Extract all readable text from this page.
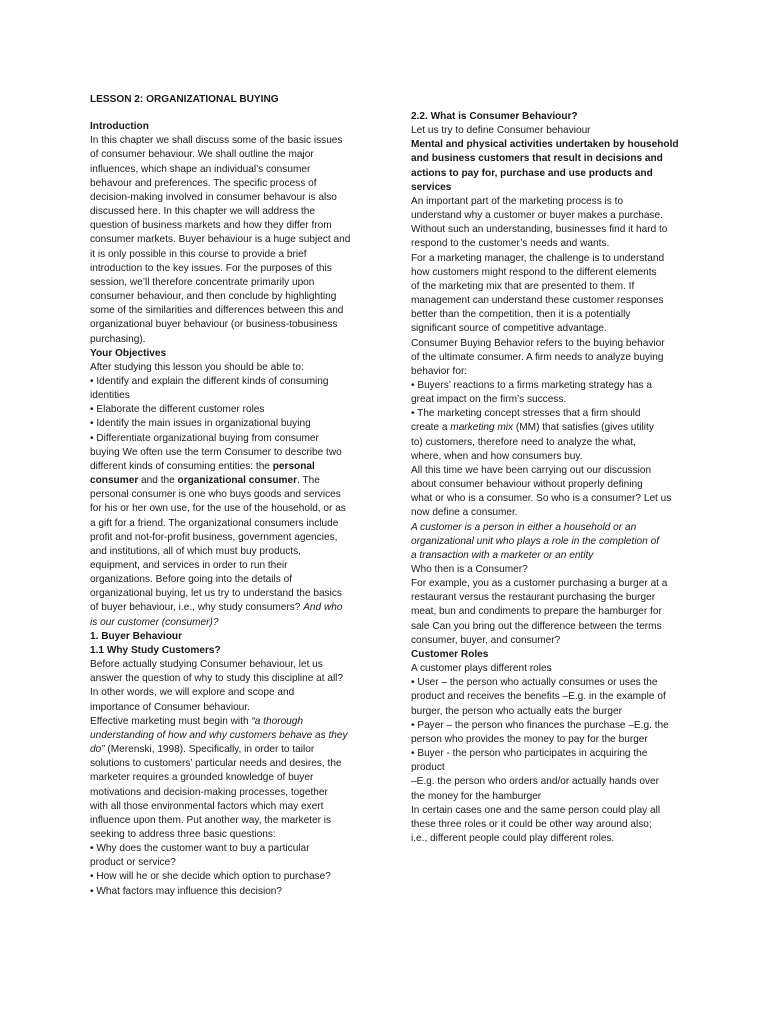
LESSON 2: ORGANIZATIONAL BUYING

Introduction

In this chapter we shall discuss some of the basic issues

of consumer behaviour. We shall outline the major

influences, which shape an individual’s consumer

behavour and preferences. The specific process of

decision-making involved in consumer behavour is also

discussed here. In this chapter we will address the

question of business markets and how they differ from

consumer markets. Buyer behaviour is a huge subject and

it is only possible in this course to provide a brief

introduction to the key issues. For the purposes of this

session, we’ll therefore concentrate primarily upon

consumer behaviour, and then conclude by highlighting

some of the similarities and differences between this and

organizational buyer behaviour (or business-tobusiness

purchasing).

Your Objectives

After studying this lesson you should be able to:

• Identify and explain the different kinds of consuming

identities

• Elaborate the different customer roles

• Identify the main issues in organizational buying

• Differentiate organizational buying from consumer

buying We often use the term Consumer to describe two

different kinds of consuming entities: the personal

consumer and the organizational consumer. The

personal consumer is one who buys goods and services

for his or her own use, for the use of the household, or as

a gift for a friend. The organizational consumers include

profit and not-for-profit business, government agencies,

and institutions, all of which must buy products,

equipment, and services in order to run their

organizations. Before going into the details of

organizational buying, let us try to understand the basics

of buyer behaviour, i.e., why study consumers? And who

is our customer (consumer)?

1. Buyer Behaviour

1.1 Why Study Customers?

Before actually studying Consumer behaviour, let us

answer the question of why to study this discipline at all?

In other words, we will explore and scope and

importance of Consumer behaviour.

Effective marketing must begin with “a thorough

understanding of how and why customers behave as they

do” (Merenski, 1998). Specifically, in order to tailor

solutions to customers’ particular needs and desires, the

marketer requires a grounded knowledge of buyer

motivations and decision-making processes, together

with all those environmental factors which may exert

influence upon them. Put another way, the marketer is

seeking to address three basic questions:

• Why does the customer want to buy a particular

product or service?

• How will he or she decide which option to purchase?

• What factors may influence this decision?

2.2. What is Consumer Behaviour?

Let us try to define Consumer behaviour

Mental and physical activities undertaken by household

and business customers that result in decisions and

actions to pay for, purchase and use products and

services

An important part of the marketing process is to

understand why a customer or buyer makes a purchase.

Without such an understanding, businesses find it hard to

respond to the customer’s needs and wants.

For a marketing manager, the challenge is to understand

how customers might respond to the different elements

of the marketing mix that are presented to them. If

management can understand these customer responses

better than the competition, then it is a potentially

significant source of competitive advantage.

Consumer Buying Behavior refers to the buying behavior

of the ultimate consumer. A firm needs to analyze buying

behavior for:

• Buyers’ reactions to a firms marketing strategy has a

great impact on the firm’s success.

• The marketing concept stresses that a firm should

create a marketing mix (MM) that satisfies (gives utility

to) customers, therefore need to analyze the what,

where, when and how consumers buy.

All this time we have been carrying out our discussion

about consumer behaviour without properly defining

what or who is a consumer. So who is a consumer? Let us

now define a consumer.

A customer is a person in either a household or an

organizational unit who plays a role in the completion of

a transaction with a marketer or an entity

Who then is a Consumer?

For example, you as a customer purchasing a burger at a

restaurant versus the restaurant purchasing the burger

meat, bun and condiments to prepare the hamburger for

sale Can you bring out the difference between the terms

consumer, buyer, and consumer?

Customer Roles

A customer plays different roles

• User – the person who actually consumes or uses the

product and receives the benefits –E.g. in the example of

burger, the person who actually eats the burger

• Payer – the person who finances the purchase –E.g. the

person who provides the money to pay for the burger

• Buyer - the person who participates in acquiring the

product

–E.g. the person who orders and/or actually hands over

the money for the hamburger

In certain cases one and the same person could play all

these three roles or it could be other way around also;

i.e., different people could play different roles.
